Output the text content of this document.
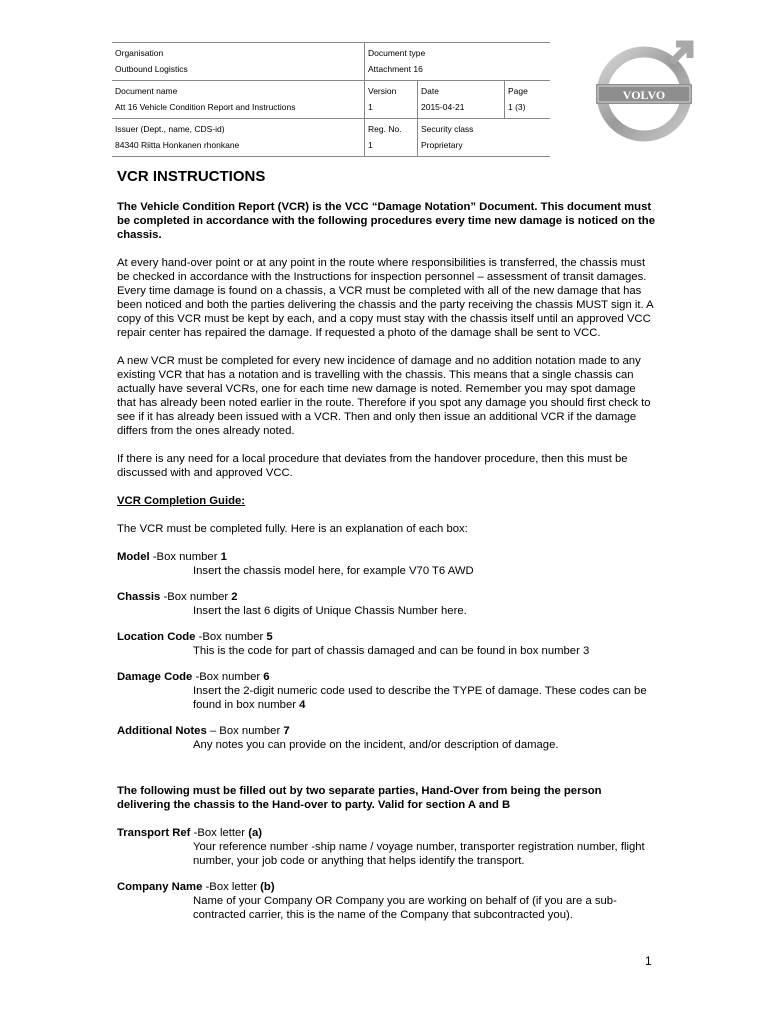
Organisation
Outbound Logistics
Document type
Attachment 16
Document name
Att 16 Vehicle Condition Report and Instructions
Version
1
Date
2015-04-21
Page
1 (3)
Issuer (Dept., name, CDS-id)
84340 Riitta Honkanen rhonkane
Reg. No.
1
Security class
Proprietary
VOLVO
VCR INSTRUCTIONS
The Vehicle Condition Report (VCR) is the VCC “Damage Notation” Document. This document must be completed in accordance with the following procedures every time new damage is noticed on the chassis.

At every hand-over point or at any point in the route where responsibilities is transferred, the chassis must be checked in accordance with the Instructions for inspection personnel – assessment of transit damages. Every time damage is found on a chassis, a VCR must be completed with all of the new damage that has been noticed and both the parties delivering the chassis and the party receiving the chassis MUST sign it. A copy of this VCR must be kept by each, and a copy must stay with the chassis itself until an approved VCC repair center has repaired the damage. If requested a photo of the damage shall be sent to VCC.

A new VCR must be completed for every new incidence of damage and no addition notation made to any existing VCR that has a notation and is travelling with the chassis. This means that a single chassis can actually have several VCRs, one for each time new damage is noted. Remember you may spot damage that has already been noted earlier in the route. Therefore if you spot any damage you should first check to see if it has already been issued with a VCR. Then and only then issue an additional VCR if the damage differs from the ones already noted.

If there is any need for a local procedure that deviates from the handover procedure, then this must be discussed with and approved VCC.

VCR Completion Guide:

The VCR must be completed fully. Here is an explanation of each box:

Model -Box number 1
Insert the chassis model here, for example V70 T6 AWD
Chassis -Box number 2
Insert the last 6 digits of Unique Chassis Number here.
Location Code -Box number 5
This is the code for part of chassis damaged and can be found in box number 3
Damage Code -Box number 6
Insert the 2-digit numeric code used to describe the TYPE of damage. These codes can be found in box number 4
Additional Notes – Box number 7
Any notes you can provide on the incident, and/or description of damage.
The following must be filled out by two separate parties, Hand-Over from being the person delivering the chassis to the Hand-over to party. Valid for section A and B
Transport Ref -Box letter (a)
Your reference number -ship name / voyage number, transporter registration number, flight number, your job code or anything that helps identify the transport.
Company Name -Box letter (b)
Name of your Company OR Company you are working on behalf of (if you are a sub-contracted carrier, this is the name of the Company that subcontracted you).
1
